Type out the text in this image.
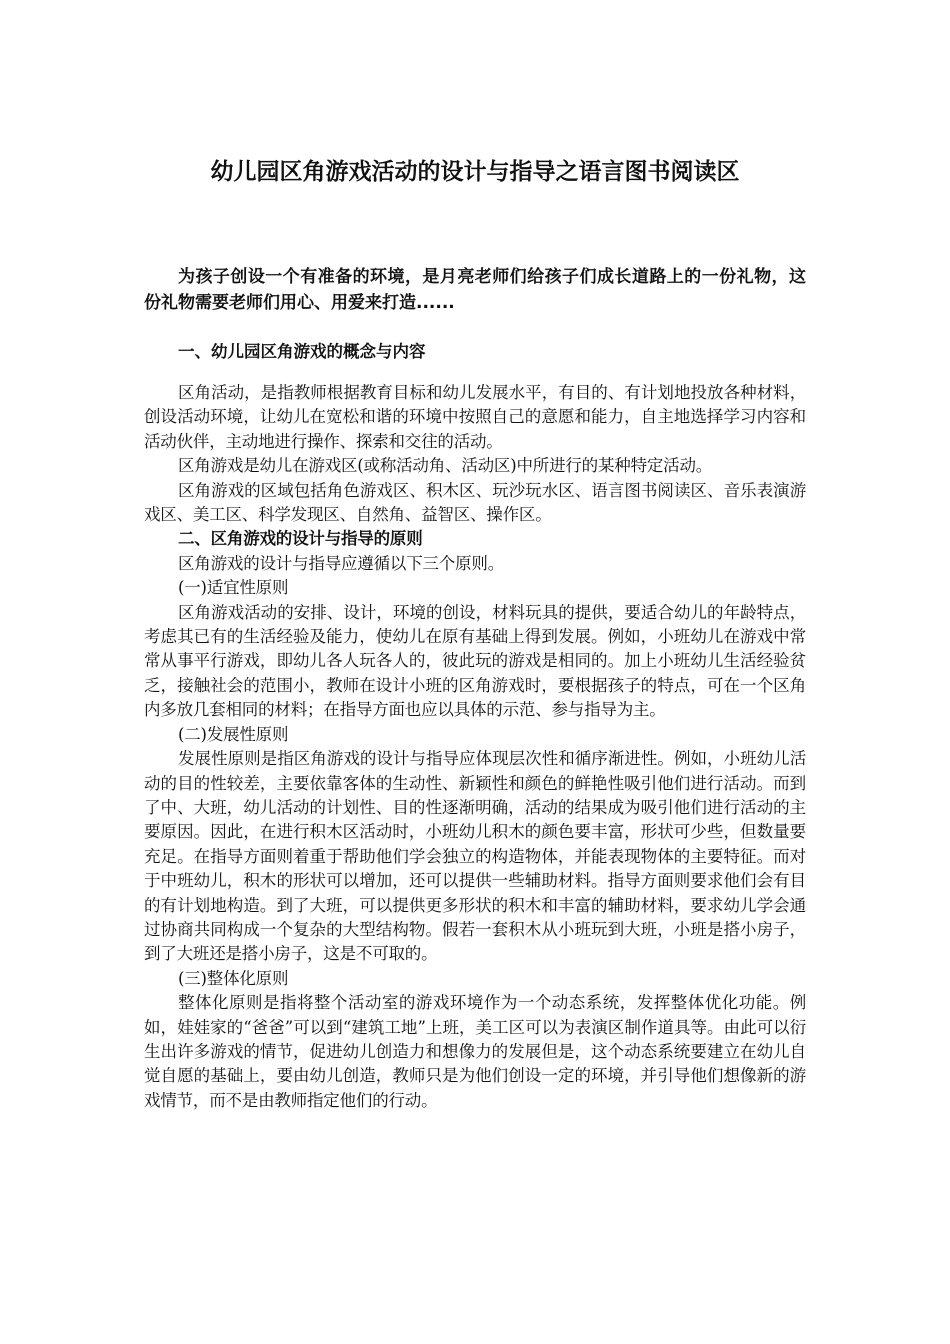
幼儿园区角游戏活动的设计与指导之语言图书阅读区

为孩子创设一个有准备的环境，是月亮老师们给孩子们成长道路上的一份礼物，这份礼物需要老师们用心、用爱来打造......

一、幼儿园区角游戏的概念与内容

区角活动，是指教师根据教育目标和幼儿发展水平，有目的、有计划地投放各种材料，创设活动环境，让幼儿在宽松和谐的环境中按照自己的意愿和能力，自主地选择学习内容和活动伙伴，主动地进行操作、探索和交往的活动。

区角游戏是幼儿在游戏区(或称活动角、活动区)中所进行的某种特定活动。

区角游戏的区域包括角色游戏区、积木区、玩沙玩水区、语言图书阅读区、音乐表演游戏区、美工区、科学发现区、自然角、益智区、操作区。

二、区角游戏的设计与指导的原则

区角游戏的设计与指导应遵循以下三个原则。

(一)适宜性原则

区角游戏活动的安排、设计，环境的创设，材料玩具的提供，要适合幼儿的年龄特点，考虑其已有的生活经验及能力，使幼儿在原有基础上得到发展。例如，小班幼儿在游戏中常常从事平行游戏，即幼儿各人玩各人的，彼此玩的游戏是相同的。加上小班幼儿生活经验贫乏，接触社会的范围小，教师在设计小班的区角游戏时，要根据孩子的特点，可在一个区角内多放几套相同的材料；在指导方面也应以具体的示范、参与指导为主。

(二)发展性原则

发展性原则是指区角游戏的设计与指导应体现层次性和循序渐进性。例如，小班幼儿活动的目的性较差，主要依靠客体的生动性、新颖性和颜色的鲜艳性吸引他们进行活动。而到了中、大班，幼儿活动的计划性、目的性逐渐明确，活动的结果成为吸引他们进行活动的主要原因。因此，在进行积木区活动时，小班幼儿积木的颜色要丰富，形状可少些，但数量要充足。在指导方面则着重于帮助他们学会独立的构造物体，并能表现物体的主要特征。而对于中班幼儿，积木的形状可以增加，还可以提供一些辅助材料。指导方面则要求他们会有目的有计划地构造。到了大班，可以提供更多形状的积木和丰富的辅助材料，要求幼儿学会通过协商共同构成一个复杂的大型结构物。假若一套积木从小班玩到大班，小班是搭小房子，到了大班还是搭小房子，这是不可取的。

(三)整体化原则

整体化原则是指将整个活动室的游戏环境作为一个动态系统，发挥整体优化功能。例如，娃娃家的“爸爸”可以到“建筑工地”上班，美工区可以为表演区制作道具等。由此可以衍生出许多游戏的情节，促进幼儿创造力和想像力的发展但是，这个动态系统要建立在幼儿自觉自愿的基础上，要由幼儿创造，教师只是为他们创设一定的环境，并引导他们想像新的游戏情节，而不是由教师指定他们的行动。
